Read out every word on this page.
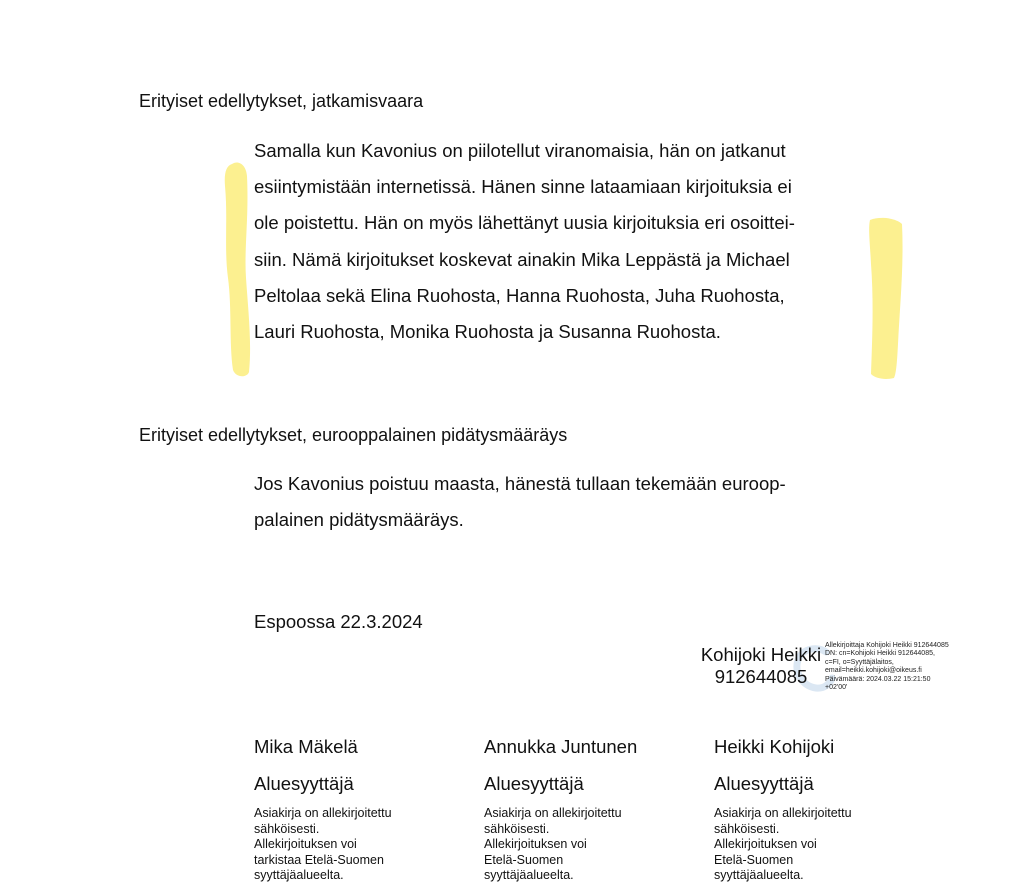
Erityiset edellytykset, jatkamisvaara
Samalla kun Kavonius on piilotellut viranomaisia, hän on jatkanut
esiintymistään internetissä. Hänen sinne lataamiaan kirjoituksia ei
ole poistettu. Hän on myös lähettänyt uusia kirjoituksia eri osoittei-
siin. Nämä kirjoitukset koskevat ainakin Mika Leppästä ja Michael
Peltolaa sekä Elina Ruohosta, Hanna Ruohosta, Juha Ruohosta,
Lauri Ruohosta, Monika Ruohosta ja Susanna Ruohosta.
Erityiset edellytykset, eurooppalainen pidätysmääräys
Jos Kavonius poistuu maasta, hänestä tullaan tekemään euroop-
palainen pidätysmääräys.
Espoossa 22.3.2024
Kohijoki Heikki
912644085
Allekirjoittaja Kohijoki Heikki 912644085
DN: cn=Kohijoki Heikki 912644085,
c=FI, o=Syyttäjälaitos,
email=heikki.kohijoki@oikeus.fi
Päivämäärä: 2024.03.22 15:21:50
+02'00'
Mika Mäkelä
Aluesyyttäjä
Asiakirja on allekirjoitettu
sähköisesti.
Allekirjoituksen voi
tarkistaa Etelä-Suomen
syyttäjäalueelta.
Annukka Juntunen
Aluesyyttäjä
Asiakirja on allekirjoitettu
sähköisesti.
Allekirjoituksen voi
Etelä-Suomen
syyttäjäalueelta.
Heikki Kohijoki
Aluesyyttäjä
Asiakirja on allekirjoitettu
sähköisesti.
Allekirjoituksen voi
Etelä-Suomen
syyttäjäalueelta.
